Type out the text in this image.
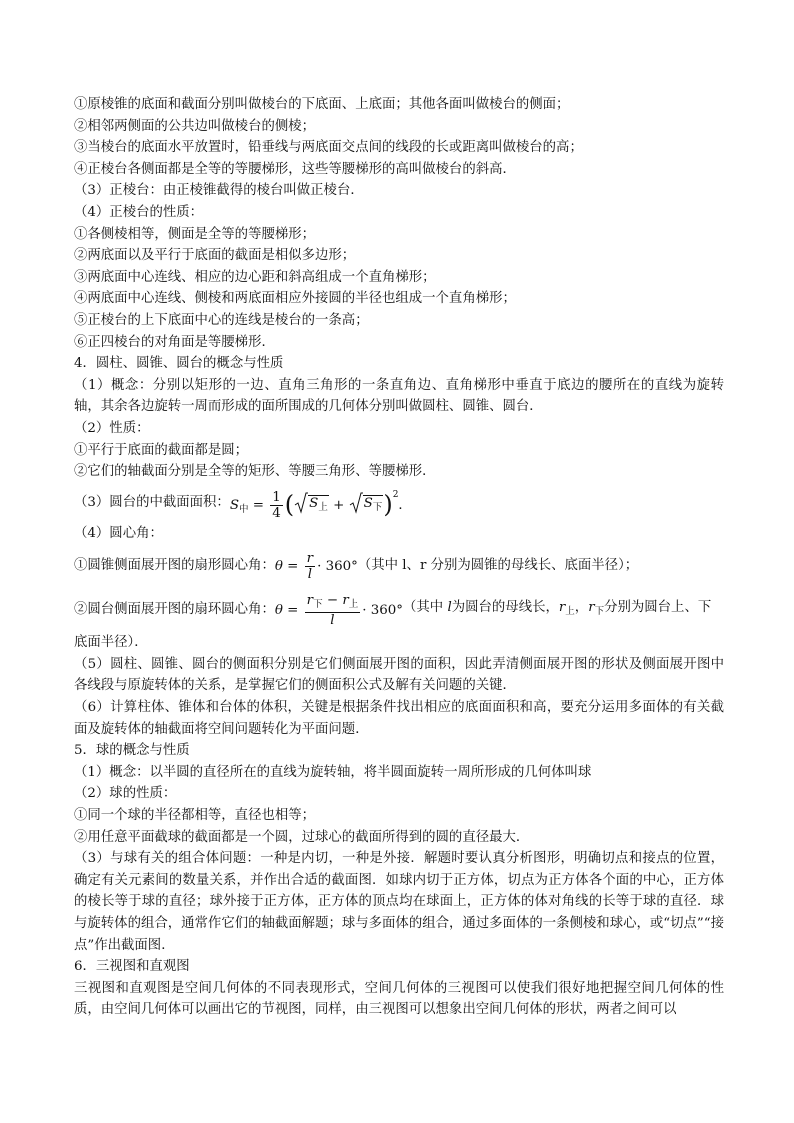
①原棱锥的底面和截面分别叫做棱台的下底面、上底面；其他各面叫做棱台的侧面；
②相邻两侧面的公共边叫做棱台的侧棱；
③当棱台的底面水平放置时，铅垂线与两底面交点间的线段的长或距离叫做棱台的高；
④正棱台各侧面都是全等的等腰梯形，这些等腰梯形的高叫做棱台的斜高．
（3）正棱台：由正棱锥截得的棱台叫做正棱台．
（4）正棱台的性质：
①各侧棱相等，侧面是全等的等腰梯形；
②两底面以及平行于底面的截面是相似多边形；
③两底面中心连线、相应的边心距和斜高组成一个直角梯形；
④两底面中心连线、侧棱和两底面相应外接圆的半径也组成一个直角梯形；
⑤正棱台的上下底面中心的连线是棱台的一条高；
⑥正四棱台的对角面是等腰梯形．
4．圆柱、圆锥、圆台的概念与性质
（1）概念：分别以矩形的一边、直角三角形的一条直角边、直角梯形中垂直于底边的腰所在的直线为旋转轴，其余各边旋转一周而形成的面所围成的几何体分别叫做圆柱、圆锥、圆台．
（2）性质：
①平行于底面的截面都是圆；
②它们的轴截面分别是全等的矩形、等腰三角形、等腰梯形．
（3）圆台的中截面面积： $S_中 = \frac{1}{4}$ ( $S_上 + S_下)^2$．
（4）圆心角：
①圆锥侧面展开图的扇形圆心角： $\theta = \frac{r}{l} \cdot 360^\circ$ （其中 l、r 分别为圆锥的母线长、底面半径）；
②圆台侧面展开图的扇环圆心角： $\theta = \frac{r_下 - r_上}{l} \cdot 360^\circ$ （其中 l为圆台的母线长，$r_上$，$r_下$分别为圆台上、下
底面半径）．
（5）圆柱、圆锥、圆台的侧面积分别是它们侧面展开图的面积，因此弄清侧面展开图的形状及侧面展开图中各线段与原旋转体的关系，是掌握它们的侧面积公式及解有关问题的关键．
（6）计算柱体、锥体和台体的体积，关键是根据条件找出相应的底面面积和高，要充分运用多面体的有关截面及旋转体的轴截面将空间问题转化为平面问题．
5．球的概念与性质
（1）概念：以半圆的直径所在的直线为旋转轴，将半圆面旋转一周所形成的几何体叫球
（2）球的性质：
①同一个球的半径都相等，直径也相等；
②用任意平面截球的截面都是一个圆，过球心的截面所得到的圆的直径最大．
（3）与球有关的组合体问题：一种是内切，一种是外接．解题时要认真分析图形，明确切点和接点的位置，确定有关元素间的数量关系，并作出合适的截面图．如球内切于正方体，切点为正方体各个面的中心，正方体的棱长等于球的直径；球外接于正方体，正方体的顶点均在球面上，正方体的体对角线的长等于球的直径．球与旋转体的组合，通常作它们的轴截面解题；球与多面体的组合，通过多面体的一条侧棱和球心，或“切点”“接点”作出截面图．
6．三视图和直观图
三视图和直观图是空间几何体的不同表现形式，空间几何体的三视图可以使我们很好地把握空间几何体的性质，由空间几何体可以画出它的节视图，同样，由三视图可以想象出空间几何体的形状，两者之间可以
